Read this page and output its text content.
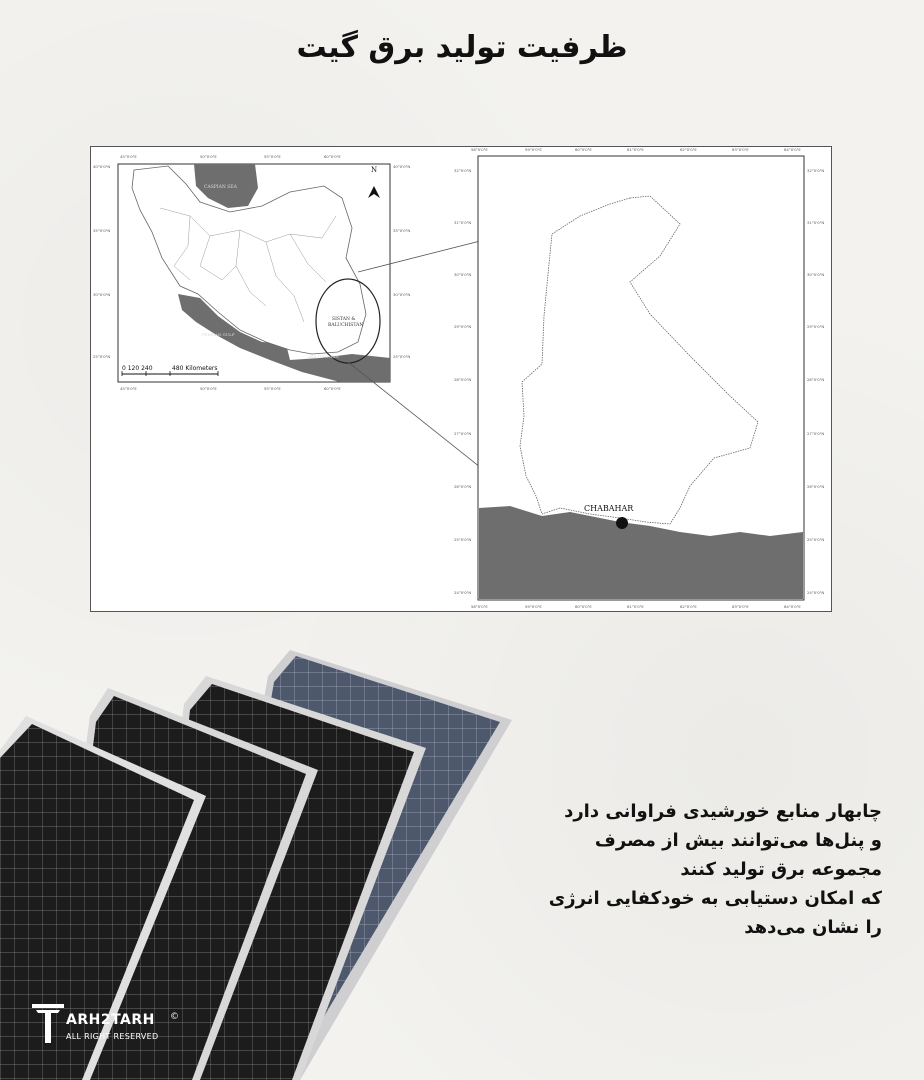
ظرفیت تولید برق گیت
CASPIAN SEA
PERSIAN GULF
SEA OF OMAN
SISTAN &
BALUCHISTAN
N
0 120 240	480 Kilometers
45°0'0"E	50°0'0"E	55°0'0"E	60°0'0"E
45°0'0"E	50°0'0"E	55°0'0"E	60°0'0"E
40°0'0"N
35°0'0"N
30°0'0"N
25°0'0"N
40°0'0"N
35°0'0"N
30°0'0"N
25°0'0"N
CHABAHAR
58°0'0"E	59°0'0"E	60°0'0"E	61°0'0"E	62°0'0"E	63°0'0"E	64°0'0"E
58°0'0"E	59°0'0"E	60°0'0"E	61°0'0"E	62°0'0"E	63°0'0"E	64°0'0"E
32°0'0"N
31°0'0"N
30°0'0"N
29°0'0"N
28°0'0"N
27°0'0"N
26°0'0"N
25°0'0"N
24°0'0"N
32°0'0"N
31°0'0"N
30°0'0"N
29°0'0"N
28°0'0"N
27°0'0"N
26°0'0"N
25°0'0"N
24°0'0"N
چابهار منابع خورشیدی فراوانی دارد
و پنل‌ها می‌توانند بیش از مصرف
مجموعه برق تولید کنند
که امکان دستیابی به خودکفایی انرژی
را نشان می‌دهد
ARH2TARH
ALL RIGHT RESERVED
©
